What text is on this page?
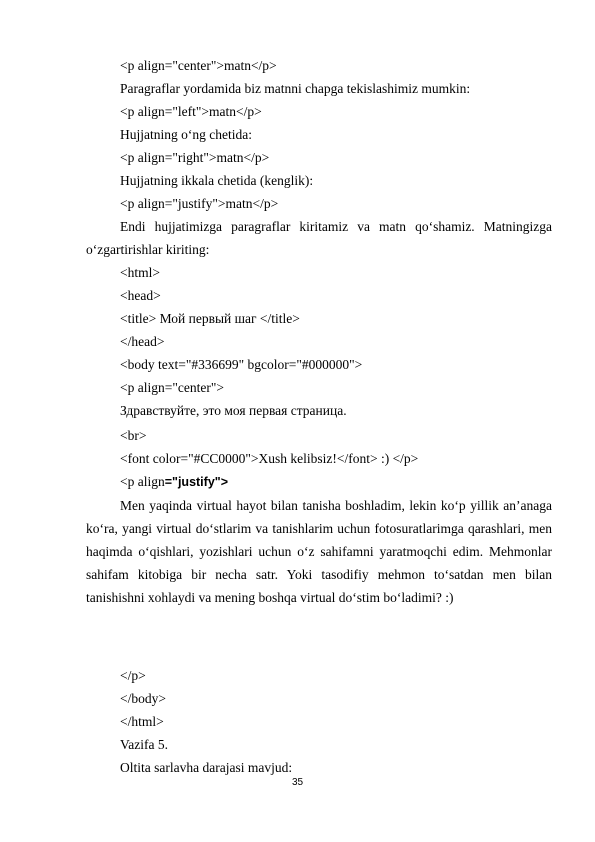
<p align="center">matn</p>
Paragraflar yordamida biz matnni chapga tekislashimiz mumkin:
<p align="left">matn</p>
Hujjatning o‘ng chetida:
<p align="right">matn</p>
Hujjatning ikkala chetida (kenglik):
<p align="justify">matn</p>
Endi hujjatimizga paragraflar kiritamiz va matn qo‘shamiz. Matningizga o‘zgartirishlar kiriting:
<html>
<head>
<title> Мой первый шаг </title>
</head>
<body text="#336699" bgcolor="#000000">
<p align="center">
Здравствуйте, это моя первая страница.
<br>
<font color="#CC0000">Xush kelibsiz!</font> :) </p>
<p align="justify">
Men yaqinda virtual hayot bilan tanisha boshladim, lekin ko‘p yillik an’anaga ko‘ra, yangi virtual do‘stlarim va tanishlarim uchun fotosuratlarimga qarashlari, men haqimda o‘qishlari, yozishlari uchun o‘z sahifamni yaratmoqchi edim. Mehmonlar sahifam kitobiga bir necha satr. Yoki tasodifiy mehmon to‘satdan men bilan tanishishni xohlaydi va mening boshqa virtual do‘stim bo‘ladimi? :)
</p>
</body>
</html>
Vazifa 5.
Oltita sarlavha darajasi mavjud:
35
